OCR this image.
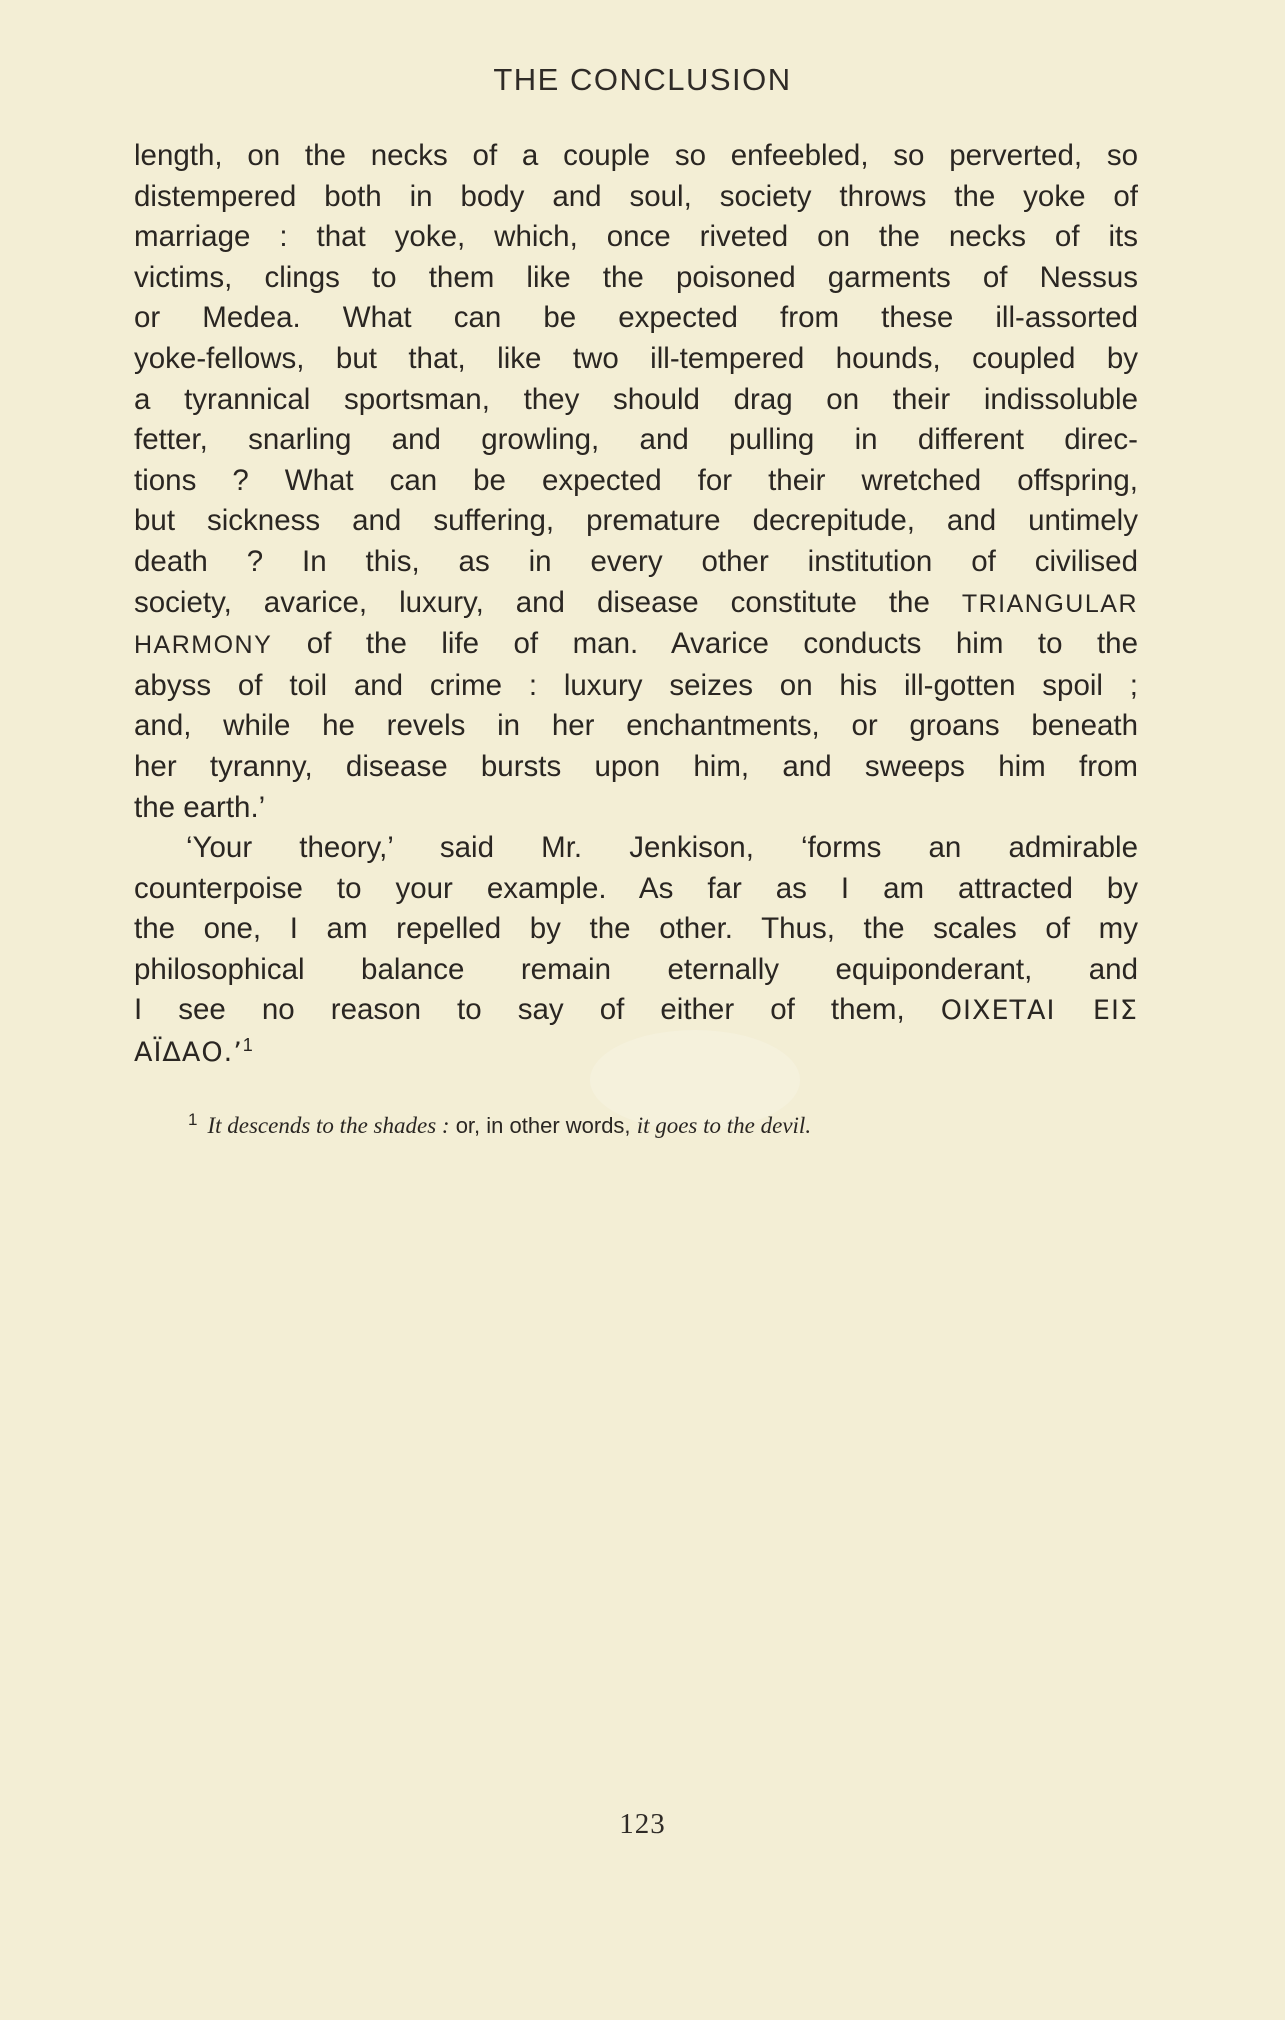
THE CONCLUSION

length, on the necks of a couple so enfeebled, so perverted, so

distempered both in body and soul, society throws the yoke of

marriage : that yoke, which, once riveted on the necks of its

victims, clings to them like the poisoned garments of Nessus

or Medea. What can be expected from these ill-assorted

yoke-fellows, but that, like two ill-tempered hounds, coupled by

a tyrannical sportsman, they should drag on their indissoluble

fetter, snarling and growling, and pulling in different direc-

tions ? What can be expected for their wretched offspring,

but sickness and suffering, premature decrepitude, and untimely

death ? In this, as in every other institution of civilised

society, avarice, luxury, and disease constitute the TRIANGULAR

HARMONY of the life of man. Avarice conducts him to the

abyss of toil and crime : luxury seizes on his ill-gotten spoil ;

and, while he revels in her enchantments, or groans beneath

her tyranny, disease bursts upon him, and sweeps him from

the earth.’

‘Your theory,’ said Mr. Jenkison, ‘forms an admirable

counterpoise to your example. As far as I am attracted by

the one, I am repelled by the other. Thus, the scales of my

philosophical balance remain eternally equiponderant, and

I see no reason to say of either of them, ΟΙΧΕΤΑΙ ΕΙΣ

ΑΪΔΑΟ.’$^1$

$^1$ It descends to the shades : or, in other words, it goes to the devil.
123
